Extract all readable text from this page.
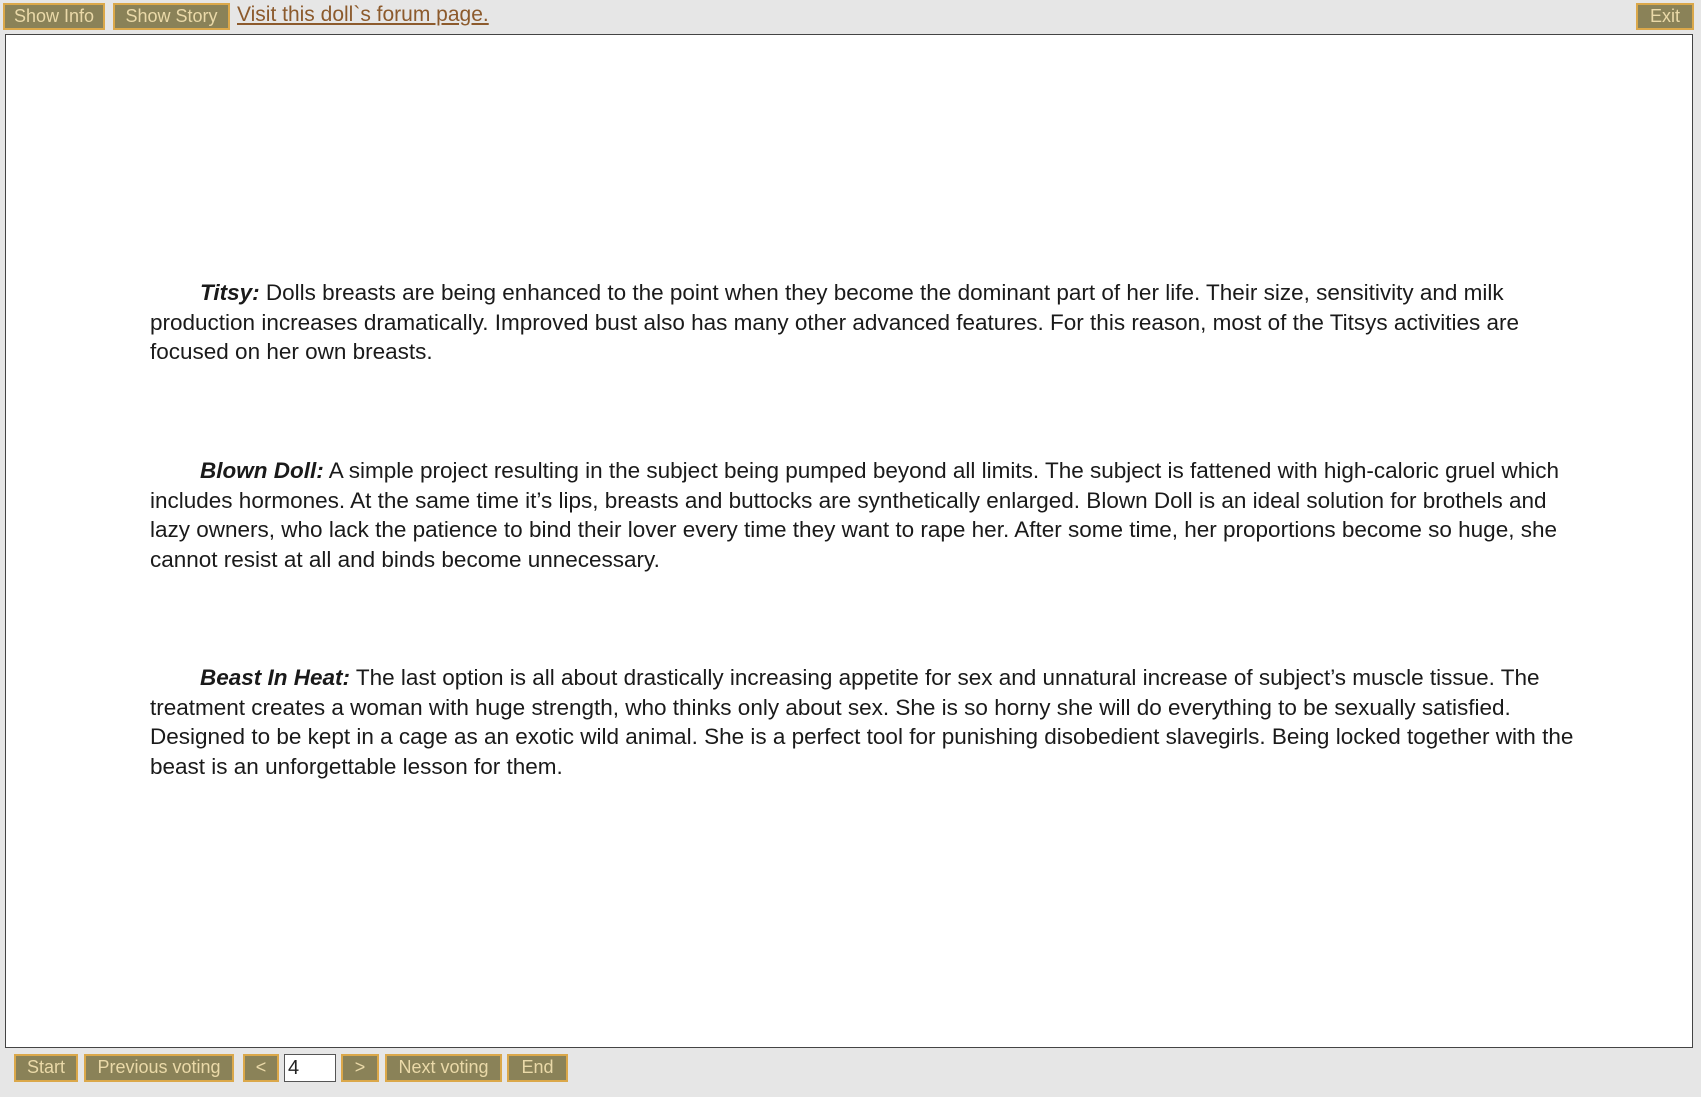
Show Info	Show Story Visit this doll`s forum page.	Exit

Titsy: Dolls breasts are being enhanced to the point when they become the dominant part of her life. Their size, sensitivity and milk production increases dramatically. Improved bust also has many other advanced features. For this reason, most of the Titsys activities are focused on her own breasts.

Blown Doll: A simple project resulting in the subject being pumped beyond all limits. The subject is fattened with high-caloric gruel which includes hormones. At the same time it’s lips, breasts and buttocks are synthetically enlarged. Blown Doll is an ideal solution for brothels and lazy owners, who lack the patience to bind their lover every time they want to rape her. After some time, her proportions become so huge, she cannot resist at all and binds become unnecessary.

Beast In Heat: The last option is all about drastically increasing appetite for sex and unnatural increase of subject’s muscle tissue. The treatment creates a woman with huge strength, who thinks only about sex. She is so horny she will do everything to be sexually satisfied. Designed to be kept in a cage as an exotic wild animal. She is a perfect tool for punishing disobedient slavegirls. Being locked together with the beast is an unforgettable lesson for them.

Start	Previous voting	<
4	>	Next voting	End
